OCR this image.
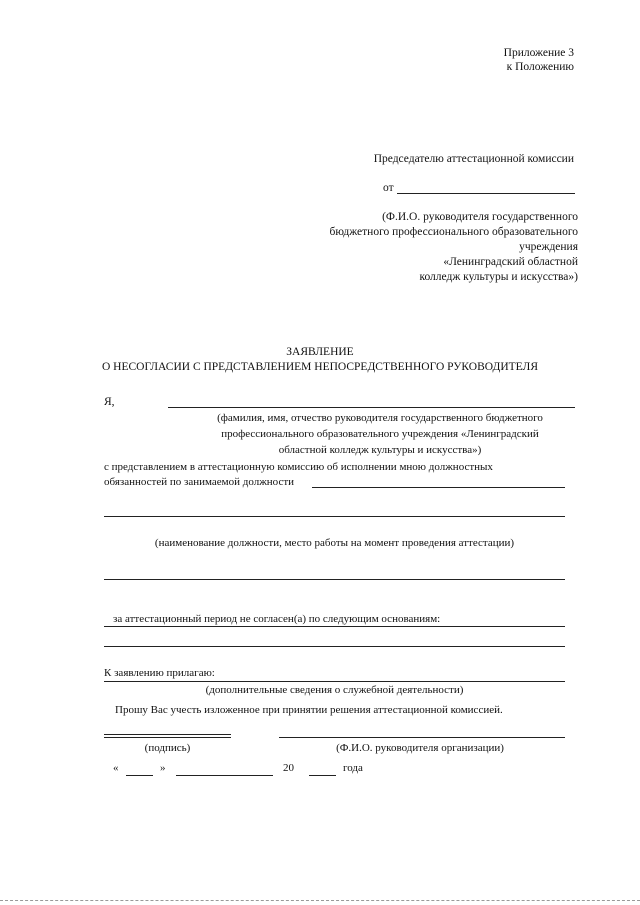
Приложение 3
к Положению
Председателю аттестационной комиссии
от
(Ф.И.О. руководителя государственного
бюджетного профессионального образовательного
учреждения
«Ленинградский областной
колледж культуры и искусства»)
ЗАЯВЛЕНИЕ
О НЕСОГЛАСИИ С ПРЕДСТАВЛЕНИЕМ НЕПОСРЕДСТВЕННОГО РУКОВОДИТЕЛЯ
Я,
(фамилия, имя, отчество руководителя государственного бюджетного
профессионального образовательного учреждения «Ленинградский
областной колледж культуры и искусства»)
с представлением в аттестационную комиссию об исполнении мною должностных
обязанностей по занимаемой должности
(наименование должности, место работы на момент проведения аттестации)
за аттестационный период не согласен(а) по следующим основаниям:
К заявлению прилагаю:
(дополнительные сведения о служебной деятельности)
Прошу Вас учесть изложенное при принятии решения аттестационной комиссией.
(подпись)	(Ф.И.О. руководителя организации)
«	»	20	года
